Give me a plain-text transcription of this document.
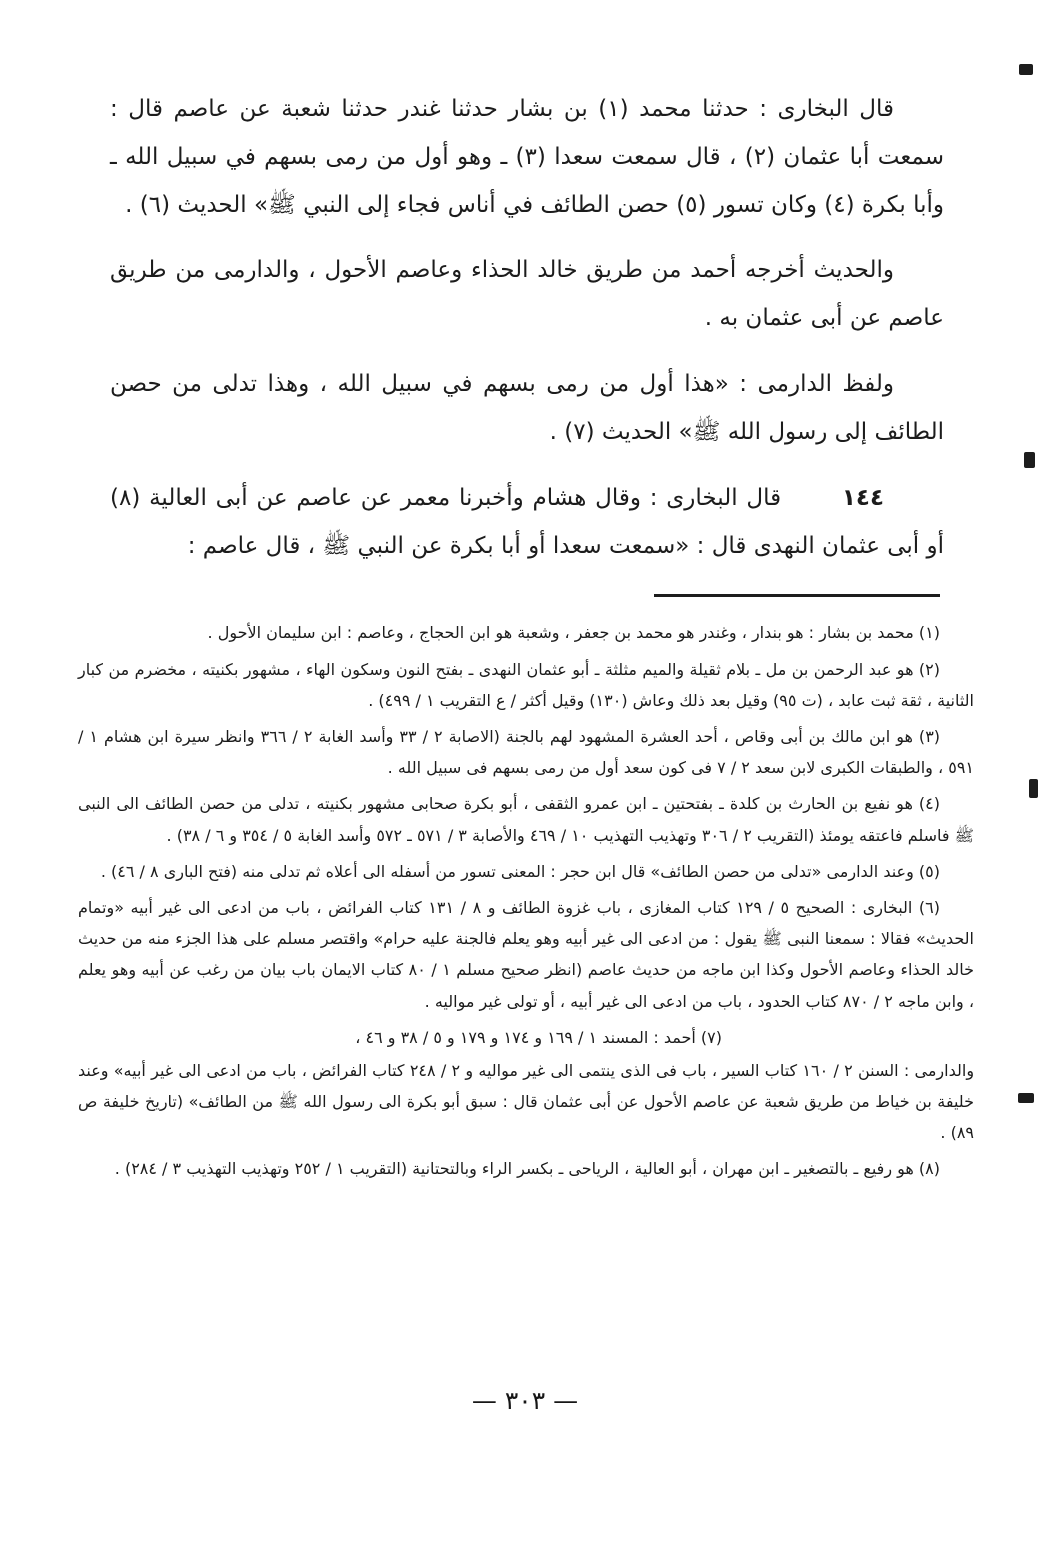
قال البخارى : حدثنا محمد (١) بن بشار حدثنا غندر حدثنا شعبة عن عاصم قال : سمعت أبا عثمان (٢) ، قال سمعت سعدا (٣) ـ وهو أول من رمى بسهم في سبيل الله ـ وأبا بكرة (٤) وكان تسور (٥) حصن الطائف في أناس فجاء إلى النبي ﷺ» الحديث (٦) .

والحديث أخرجه أحمد من طريق خالد الحذاء وعاصم الأحول ، والدارمى من طريق عاصم عن أبى عثمان به .

ولفظ الدارمى : «هذا أول من رمى بسهم في سبيل الله ، وهذا تدلى من حصن الطائف إلى رسول الله ﷺ» الحديث (٧) .

١٤٤ قال البخارى : وقال هشام وأخبرنا معمر عن عاصم عن أبى العالية (٨) أو أبى عثمان النهدى قال : «سمعت سعدا أو أبا بكرة عن النبي ﷺ ، قال عاصم :

(١) محمد بن بشار : هو بندار ، وغندر هو محمد بن جعفر ، وشعبة هو ابن الحجاج ، وعاصم : ابن سليمان الأحول .

(٢) هو عبد الرحمن بن مل ـ بلام ثقيلة والميم مثلثة ـ أبو عثمان النهدى ـ بفتح النون وسكون الهاء ، مشهور بكنيته ، مخضرم من كبار الثانية ، ثقة ثبت عابد ، (ت ٩٥) وقيل بعد ذلك وعاش (١٣٠) وقيل أكثر / ع التقريب ١ / ٤٩٩) .

(٣) هو ابن مالك بن أبى وقاص ، أحد العشرة المشهود لهم بالجنة (الاصابة ٢ / ٣٣ وأسد الغابة ٢ / ٣٦٦ وانظر سيرة ابن هشام ١ / ٥٩١ ، والطبقات الكبرى لابن سعد ٢ / ٧ فى كون سعد أول من رمى بسهم فى سبيل الله .

(٤) هو نفيع بن الحارث بن كلدة ـ بفتحتين ـ ابن عمرو الثقفى ، أبو بكرة صحابى مشهور بكنيته ، تدلى من حصن الطائف الى النبى ﷺ فاسلم فاعتقه يومئذ (التقريب ٢ / ٣٠٦ وتهذيب التهذيب ١٠ / ٤٦٩ والأصابة ٣ / ٥٧١ ـ ٥٧٢ وأسد الغابة ٥ / ٣٥٤ و ٦ / ٣٨) .

(٥) وعند الدارمى «تدلى من حصن الطائف» قال ابن حجر : المعنى تسور من أسفله الى أعلاه ثم تدلى منه (فتح البارى ٨ / ٤٦) .

(٦) البخارى : الصحيح ٥ / ١٢٩ كتاب المغازى ، باب غزوة الطائف و ٨ / ١٣١ كتاب الفرائض ، باب من ادعى الى غير أبيه «وتمام الحديث» فقالا : سمعنا النبى ﷺ يقول : من ادعى الى غير أبيه وهو يعلم فالجنة عليه حرام» واقتصر مسلم على هذا الجزء منه من حديث خالد الحذاء وعاصم الأحول وكذا ابن ماجه من حديث عاصم (انظر صحيح مسلم ١ / ٨٠ كتاب الايمان باب بيان من رغب عن أبيه وهو يعلم ، وابن ماجه ٢ / ٨٧٠ كتاب الحدود ، باب من ادعى الى غير أبيه ، أو تولى غير مواليه .

(٧) أحمد : المسند ١ / ١٦٩ و ١٧٤ و ١٧٩ و ٥ / ٣٨ و ٤٦ ،

والدارمى : السنن ٢ / ١٦٠ كتاب السير ، باب فى الذى ينتمى الى غير مواليه و ٢ / ٢٤٨ كتاب الفرائض ، باب من ادعى الى غير أبيه» وعند خليفة بن خياط من طريق شعبة عن عاصم الأحول عن أبى عثمان قال : سبق أبو بكرة الى رسول الله ﷺ من الطائف» (تاريخ خليفة ص ٨٩) .

(٨) هو رفيع ـ بالتصغير ـ ابن مهران ، أبو العالية ، الرياحى ـ بكسر الراء وبالتحتانية (التقريب ١ / ٢٥٢ وتهذيب التهذيب ٣ / ٢٨٤) .

— ٣٠٣ —
